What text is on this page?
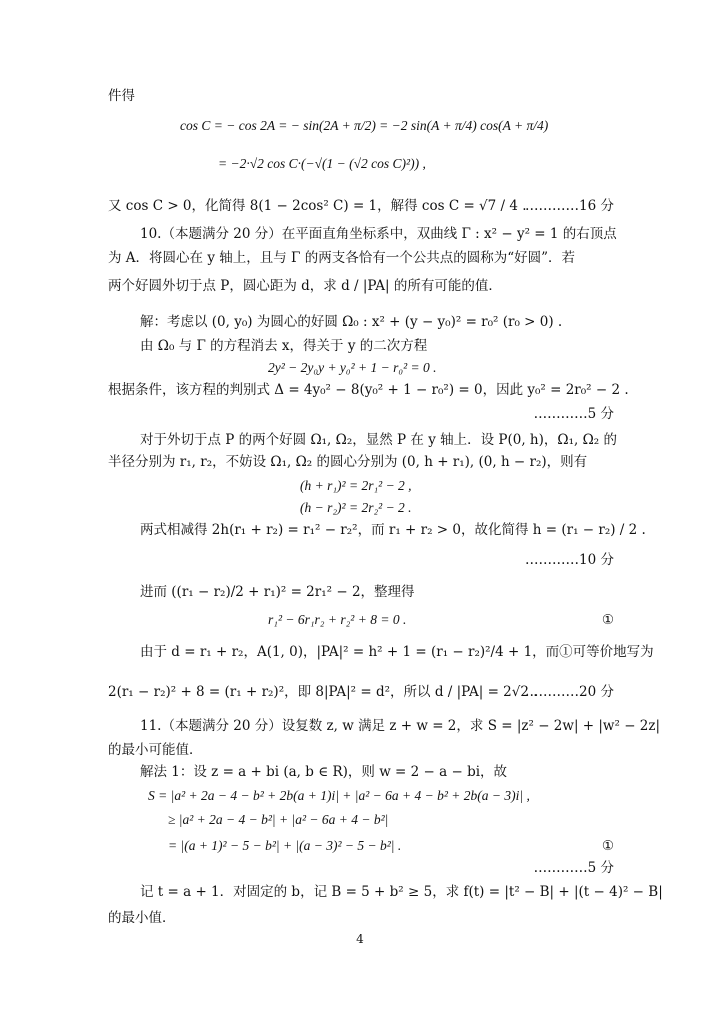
件得
cos C = − cos 2A = − sin(2A + π/2) = −2 sin(A + π/4) cos(A + π/4)
= −2·√2 cos C·(−√(1 − (√2 cos C)²)) ,
又 cos C > 0，化简得 8(1 − 2cos² C) = 1，解得 cos C = √7 / 4 .
…………16 分
10.（本题满分 20 分）在平面直角坐标系中，双曲线 Γ : x² − y² = 1 的右顶点
为 A．将圆心在 y 轴上，且与 Γ 的两支各恰有一个公共点的圆称为“好圆”．若
两个好圆外切于点 P，圆心距为 d，求 d / |PA| 的所有可能的值．
解：考虑以 (0, y₀) 为圆心的好圆 Ω₀ : x² + (y − y₀)² = r₀² (r₀ > 0) .
由 Ω₀ 与 Γ 的方程消去 x，得关于 y 的二次方程
2y² − 2y₀y + y₀² + 1 − r₀² = 0 .
根据条件，该方程的判别式 Δ = 4y₀² − 8(y₀² + 1 − r₀²) = 0，因此 y₀² = 2r₀² − 2 .
…………5 分
对于外切于点 P 的两个好圆 Ω₁, Ω₂，显然 P 在 y 轴上．设 P(0, h)，Ω₁, Ω₂ 的
半径分别为 r₁, r₂，不妨设 Ω₁, Ω₂ 的圆心分别为 (0, h + r₁), (0, h − r₂)，则有
(h + r₁)² = 2r₁² − 2 ,
(h − r₂)² = 2r₂² − 2 .
两式相减得 2h(r₁ + r₂) = r₁² − r₂²，而 r₁ + r₂ > 0，故化简得 h = (r₁ − r₂) / 2 .
…………10 分
进而 ((r₁ − r₂)/2 + r₁)² = 2r₁² − 2，整理得
r₁² − 6r₁r₂ + r₂² + 8 = 0 .	①
由于 d = r₁ + r₂，A(1, 0)，|PA|² = h² + 1 = (r₁ − r₂)²/4 + 1，而①可等价地写为
2(r₁ − r₂)² + 8 = (r₁ + r₂)²，即 8|PA|² = d²，所以 d / |PA| = 2√2 .
…………20 分
11.（本题满分 20 分）设复数 z, w 满足 z + w = 2，求 S = |z² − 2w| + |w² − 2z|
的最小可能值．
解法 1：设 z = a + bi (a, b ∈ R)，则 w = 2 − a − bi，故
S = |a² + 2a − 4 − b² + 2b(a + 1)i| + |a² − 6a + 4 − b² + 2b(a − 3)i| ,
≥ |a² + 2a − 4 − b²| + |a² − 6a + 4 − b²|
= |(a + 1)² − 5 − b²| + |(a − 3)² − 5 − b²| .	①
…………5 分
记 t = a + 1．对固定的 b，记 B = 5 + b² ≥ 5，求 f(t) = |t² − B| + |(t − 4)² − B|
的最小值．
4
